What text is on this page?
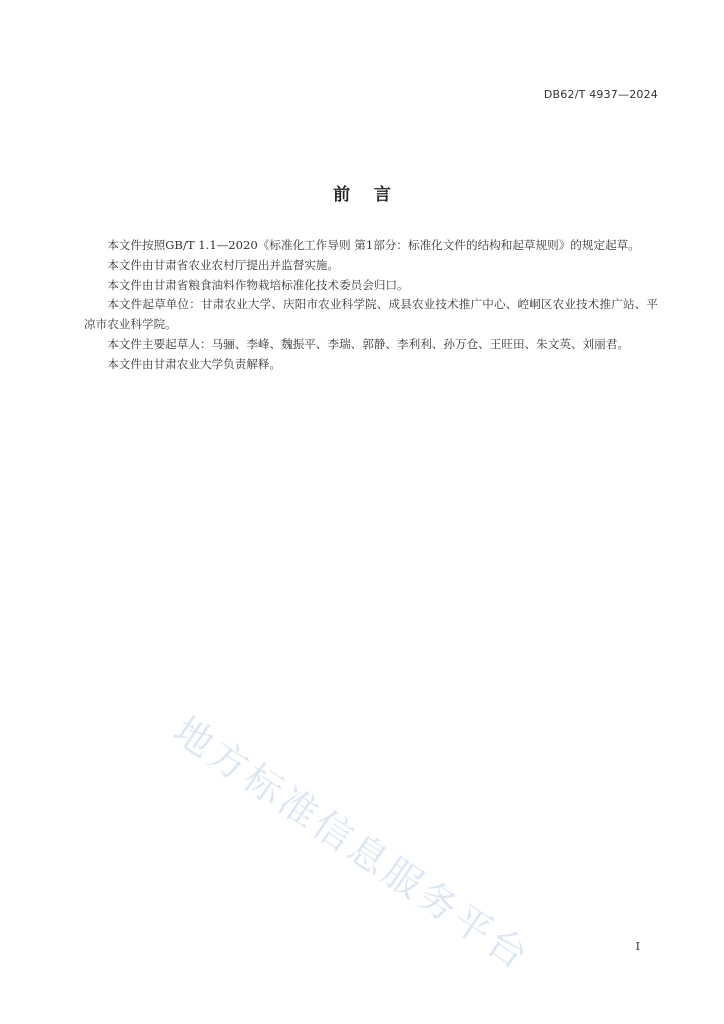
DB62/T 4937—2024
前    言

本文件按照GB/T 1.1—2020《标准化工作导则 第1部分：标准化文件的结构和起草规则》的规定起草。

本文件由甘肃省农业农村厅提出并监督实施。

本文件由甘肃省粮食油料作物栽培标准化技术委员会归口。

本文件起草单位：甘肃农业大学、庆阳市农业科学院、成县农业技术推广中心、崆峒区农业技术推广站、平凉市农业科学院。

本文件主要起草人：马骊、李峰、魏振平、李瑞、郭静、李利利、孙万仓、王旺田、朱文英、刘丽君。

本文件由甘肃农业大学负责解释。

地方标准信息服务平台	I
